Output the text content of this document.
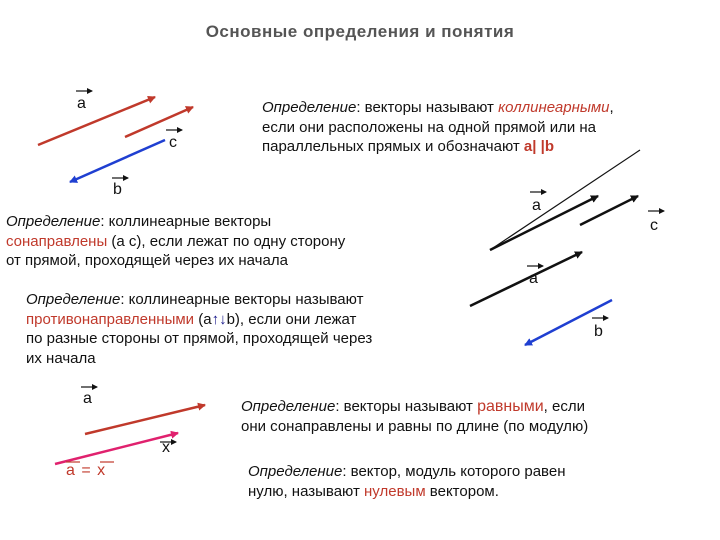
Основные определения и понятия
a
c
b
a
c
a
b
a
x
a = x
Определение: векторы называют коллинеарными,
если они расположены на одной прямой или на
параллельных прямых и обозначают a| |b
Определение: коллинеарные векторы
сонаправлены (a c), если лежат по одну сторону
от прямой, проходящей через их начала
Определение: коллинеарные векторы называют
противонаправленными (a↑↓b), если они лежат
по разные стороны от прямой, проходящей через
их начала
Определение: векторы называют равными, если
они сонаправлены и равны по длине (по модулю)
Определение: вектор, модуль которого равен
нулю, называют нулевым вектором.
